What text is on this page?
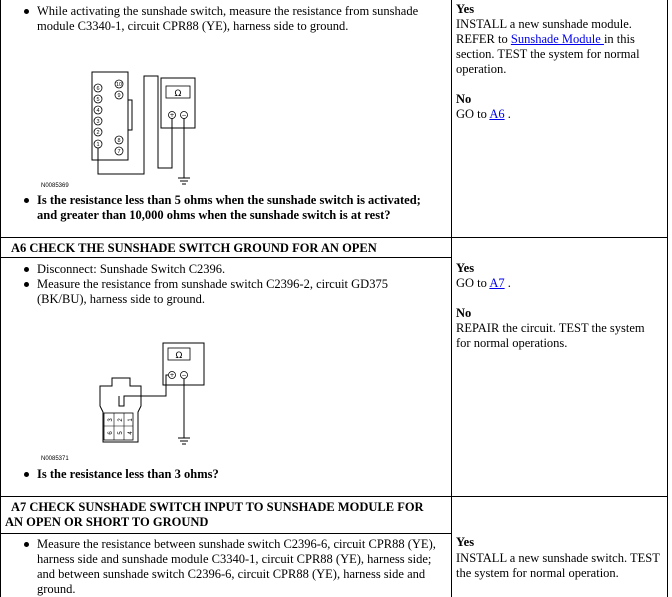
While activating the sunshade switch, measure the resistance from sunshade
module C3340-1, circuit CPR88 (YE), harness side to ground.
6
5
4
3
2
1
10
9
8
7
Ω
+ −
N0085369
Is the resistance less than 5 ohms when the sunshade switch is activated;
and greater than 10,000 ohms when the sunshade switch is at rest?
Yes
INSTALL a new sunshade module.
REFER to Sunshade Module in this
section. TEST the system for normal
operation.
No
GO to A6 .
A6 CHECK THE SUNSHADE SWITCH GROUND FOR AN OPEN
Disconnect: Sunshade Switch C2396.
Measure the resistance from sunshade switch C2396-2, circuit GD375
(BK/BU), harness side to ground.
Ω
+ −
6 5 4
3 2 1
N0085371
Is the resistance less than 3 ohms?
Yes
GO to A7 .
No
REPAIR the circuit. TEST the system
for normal operations.
A7 CHECK SUNSHADE SWITCH INPUT TO SUNSHADE MODULE FOR
AN OPEN OR SHORT TO GROUND
Measure the resistance between sunshade switch C2396-6, circuit CPR88 (YE),
harness side and sunshade module C3340-1, circuit CPR88 (YE), harness side;
and between sunshade switch C2396-6, circuit CPR88 (YE), harness side and
ground.
Yes
INSTALL a new sunshade switch. TEST
the system for normal operation.
